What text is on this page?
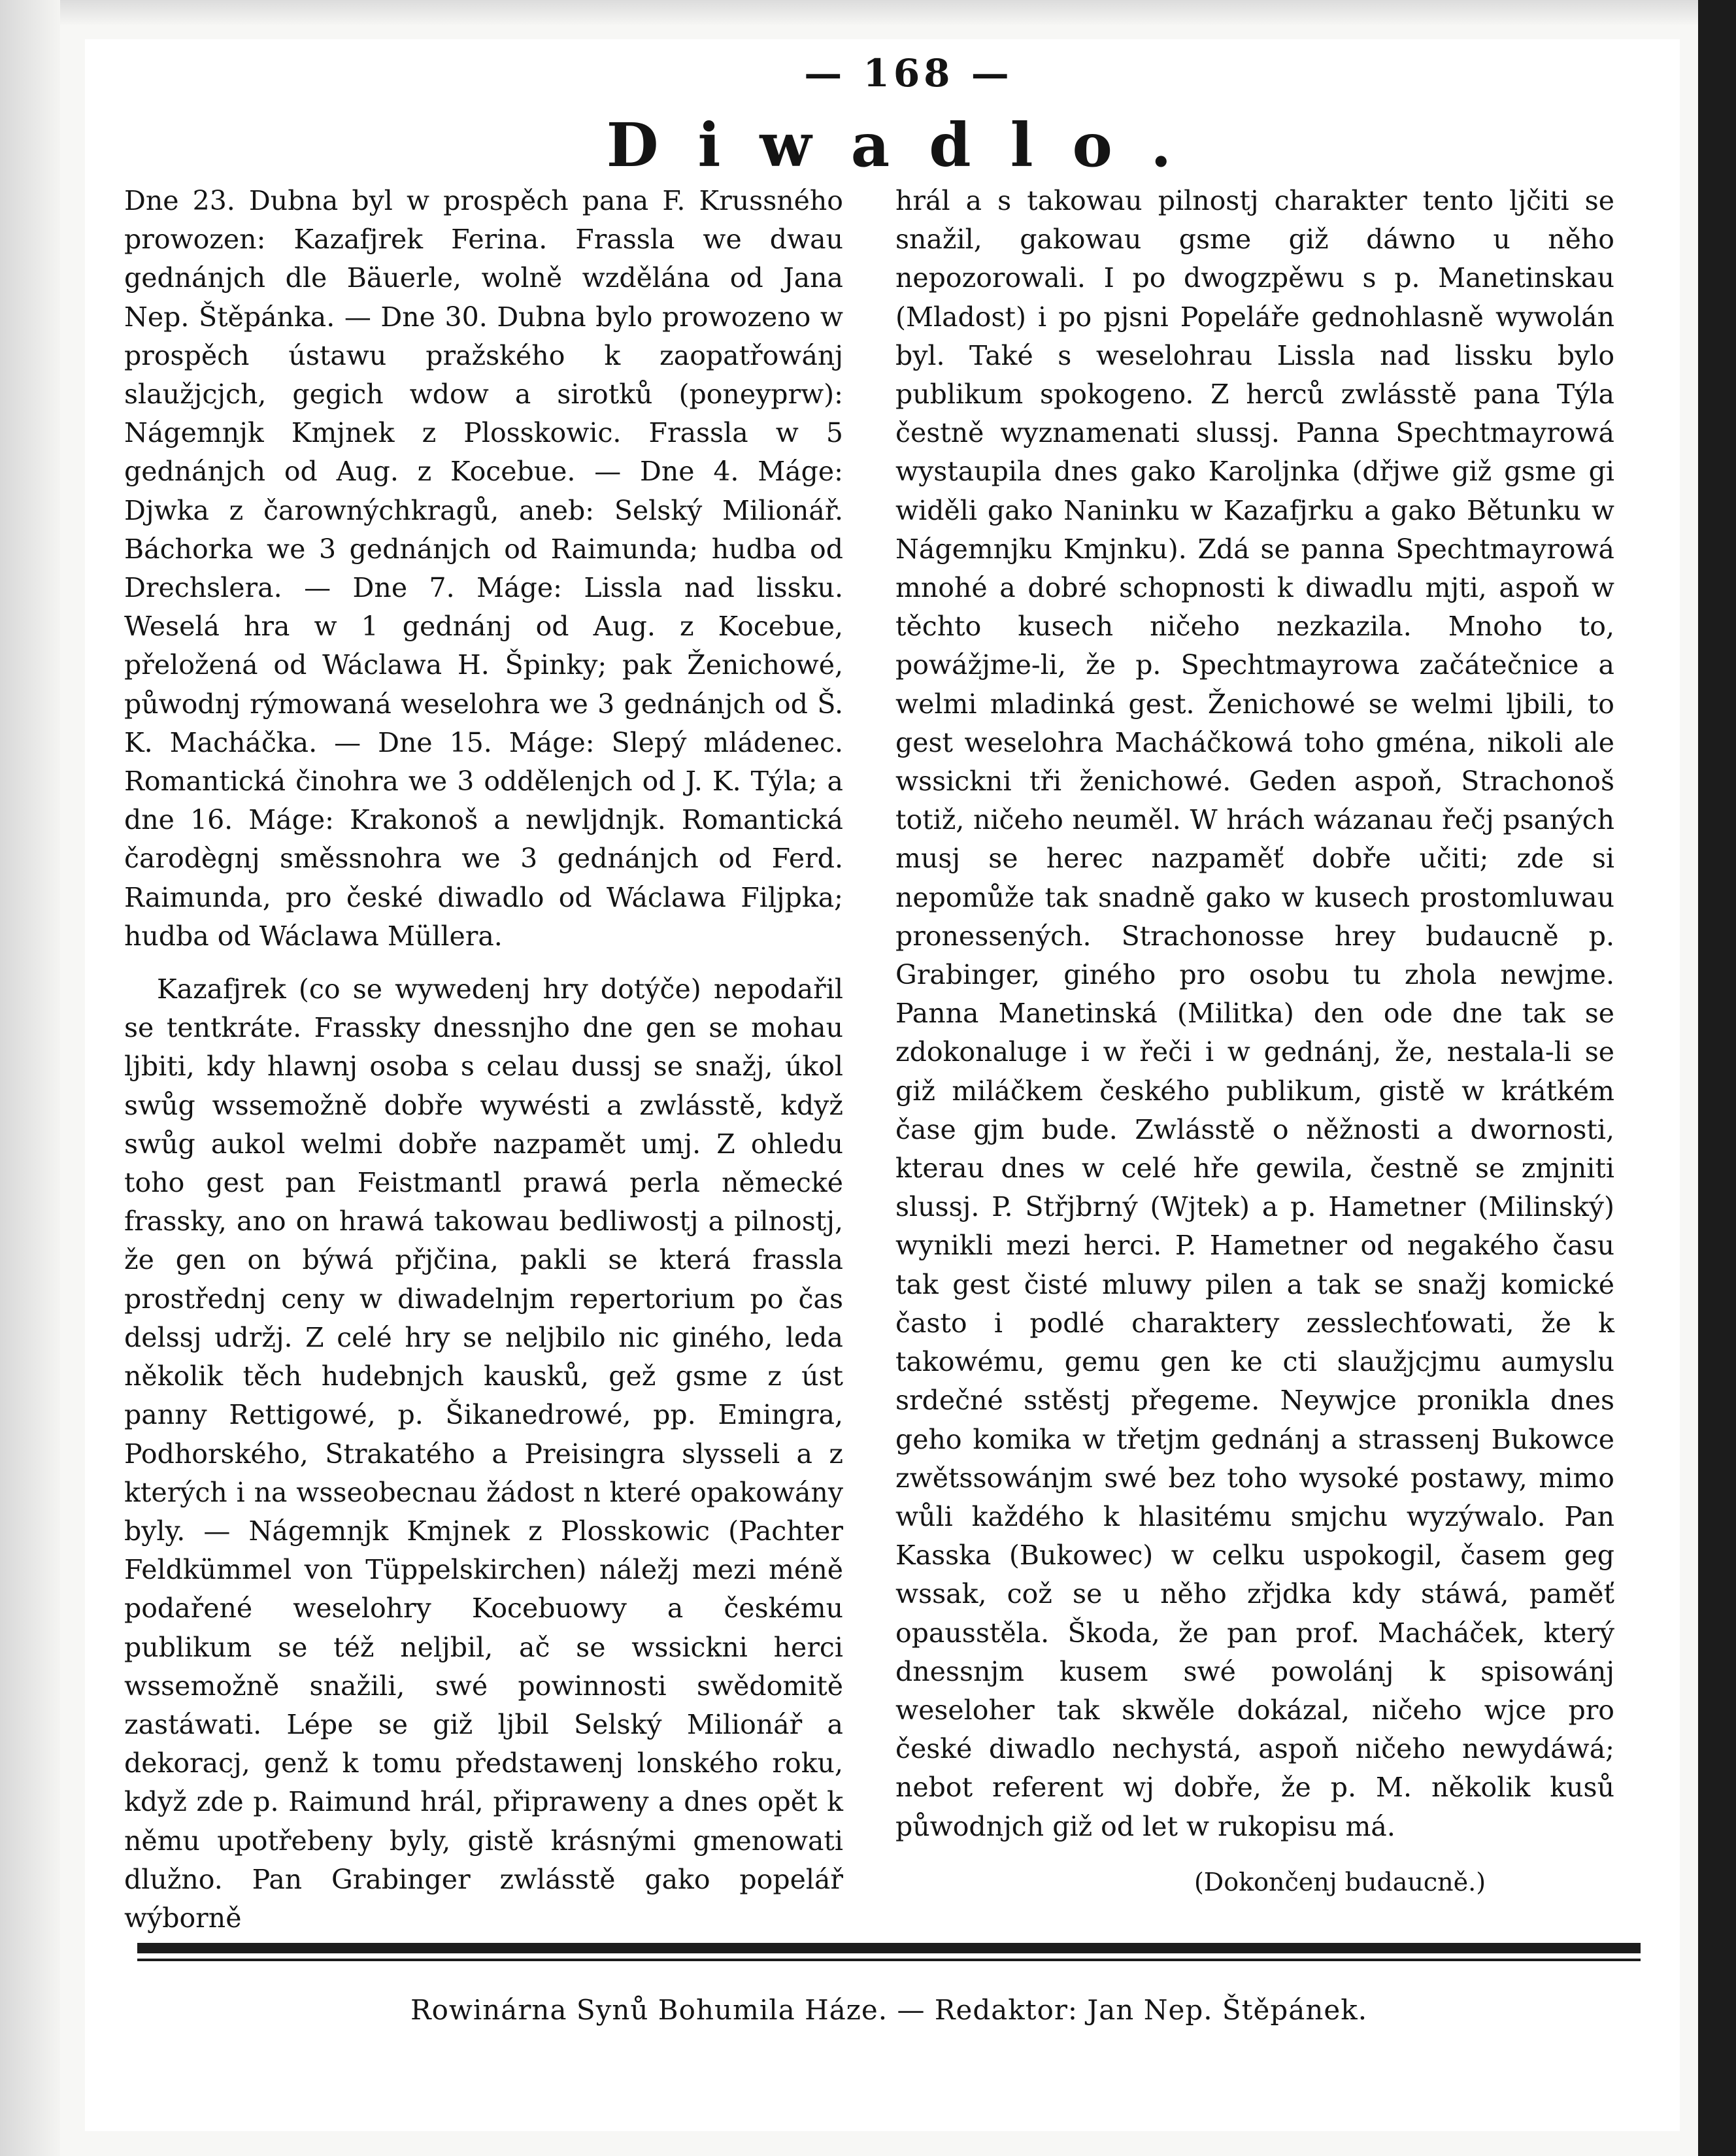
— 168 —
Diwadlo.

Dne 23. Dubna byl w prospěch pana F. Krussného prowozen: Kazafjrek Ferina. Frassla we dwau gednánjch dle Bäuerle, wolně wzdělána od Jana Nep. Štěpánka. — Dne 30. Dubna bylo prowozeno w prospěch ústawu pražského k zaopatřowánj slaužjcjch, gegich wdow a sirotků (poneyprw): Nágemnjk Kmjnek z Plosskowic. Frassla w 5 gednánjch od Aug. z Kocebue. — Dne 4. Máge: Djwka z čarownýchkragů, aneb: Selský Milionář. Báchorka we 3 gednánjch od Raimunda; hudba od Drechslera. — Dne 7. Máge: Lissla nad lissku. Weselá hra w 1 gednánj od Aug. z Kocebue, přeložená od Wáclawa H. Špinky; pak Ženichowé, půwodnj rýmowaná weselohra we 3 gednánjch od Š. K. Macháčka. — Dne 15. Máge: Slepý mládenec. Romantická činohra we 3 oddělenjch od J. K. Týla; a dne 16. Máge: Krakonoš a newljdnjk. Romantická čarodègnj směssnohra we 3 gednánjch od Ferd. Raimunda, pro české diwadlo od Wáclawa Filjpka; hudba od Wáclawa Müllera.

Kazafjrek (co se wywedenj hry dotýče) nepodařil se tentkráte. Frassky dnessnjho dne gen se mohau ljbiti, kdy hlawnj osoba s celau dussj se snažj, úkol swůg wssemožně dobře wywésti a zwlásstě, když swůg aukol welmi dobře nazpamět umj. Z ohledu toho gest pan Feistmantl prawá perla německé frassky, ano on hrawá takowau bedliwostj a pilnostj, že gen on býwá přjčina, pakli se která frassla prostřednj ceny w diwadelnjm repertorium po čas delssj udržj. Z celé hry se neljbilo nic giného, leda několik těch hudebnjch kausků, gež gsme z úst panny Rettigowé, p. Šikanedrowé, pp. Emingra, Podhorského, Strakatého a Preisingra slysseli a z kterých i na wsseobecnau žádost n které opakowány byly. — Nágemnjk Kmjnek z Plosskowic (Pachter Feldkümmel von Tüppelskirchen) náležj mezi méně podařené weselohry Kocebuowy a českému publikum se též neljbil, ač se wssickni herci wssemožně snažili, swé powinnosti swědomitě zastáwati. Lépe se giž ljbil Selský Milionář a dekoracj, genž k tomu předstawenj lonského roku, když zde p. Raimund hrál, připraweny a dnes opět k němu upotřebeny byly, gistě krásnými gmenowati dlužno. Pan Grabinger zwlásstě gako popelář wýborně

hrál a s takowau pilnostj charakter tento ljčiti se snažil, gakowau gsme giž dáwno u něho nepozorowali. I po dwogzpěwu s p. Manetinskau (Mladost) i po pjsni Popeláře gednohlasně wywolán byl. Také s weselohrau Lissla nad lissku bylo publikum spokogeno. Z herců zwlásstě pana Týla čestně wyznamenati slussj. Panna Spechtmayrowá wystaupila dnes gako Karoljnka (dřjwe giž gsme gi widěli gako Naninku w Kazafjrku a gako Bětunku w Nágemnjku Kmjnku). Zdá se panna Spechtmayrowá mnohé a dobré schopnosti k diwadlu mjti, aspoň w těchto kusech ničeho nezkazila. Mnoho to, powážjme-li, že p. Spechtmayrowa začátečnice a welmi mladinká gest. Ženichowé se welmi ljbili, to gest weselohra Macháčkowá toho gména, nikoli ale wssickni tři ženichowé. Geden aspoň, Strachonoš totiž, ničeho neuměl. W hrách wázanau řečj psaných musj se herec nazpaměť dobře učiti; zde si nepomůže tak snadně gako w kusech prostomluwau pronessených. Strachonosse hrey budaucně p. Grabinger, giného pro osobu tu zhola newjme. Panna Manetinská (Militka) den ode dne tak se zdokonaluge i w řeči i w gednánj, že, nestala-li se giž miláčkem českého publikum, gistě w krátkém čase gjm bude. Zwlásstě o něžnosti a dwornosti, kterau dnes w celé hře gewila, čestně se zmjniti slussj. P. Střjbrný (Wjtek) a p. Hametner (Milinský) wynikli mezi herci. P. Hametner od negakého času tak gest čisté mluwy pilen a tak se snažj komické často i podlé charaktery zesslechťowati, že k takowému, gemu gen ke cti slaužjcjmu aumyslu srdečné sstěstj přegeme. Neywjce pronikla dnes geho komika w třetjm gednánj a strassenj Bukowce zwětssowánjm swé bez toho wysoké postawy, mimo wůli každého k hlasitému smjchu wyzýwalo. Pan Kasska (Bukowec) w celku uspokogil, časem geg wssak, což se u něho zřjdka kdy stáwá, paměť opausstěla. Škoda, že pan prof. Macháček, který dnessnjm kusem swé powolánj k spisowánj weseloher tak skwěle dokázal, ničeho wjce pro české diwadlo nechystá, aspoň ničeho newydáwá; nebot referent wj dobře, že p. M. několik kusů půwodnjch giž od let w rukopisu má.

(Dokončenj budaucně.)
Rowinárna Synů Bohumila Háze. — Redaktor: Jan Nep. Štěpánek.
